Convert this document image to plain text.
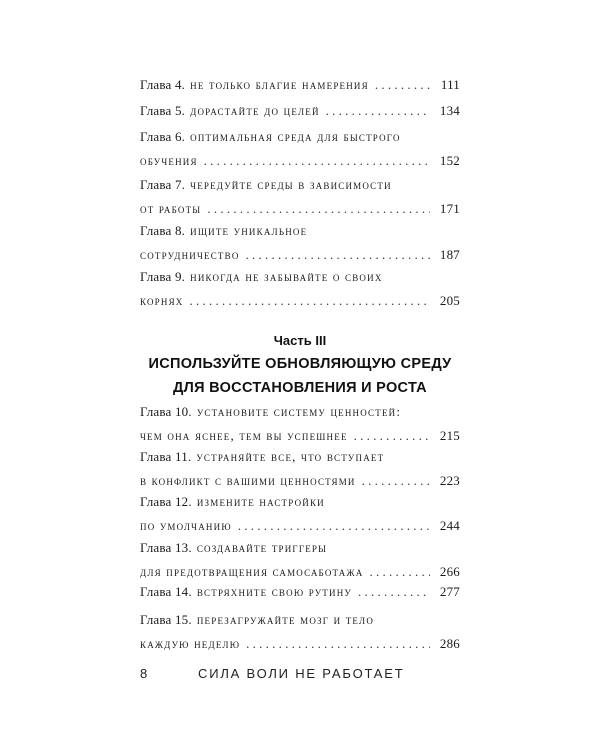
Глава 4. не только благие намерения . . .	111
Глава 5. дорастайте до целей . . .	134
Глава 6. оптимальная среда для быстрого
обучения . . .	152
Глава 7. чередуйте среды в зависимости
от работы . . .	171
Глава 8. ищите уникальное
сотрудничество . . .	187
Глава 9. никогда не забывайте о своих
корнях . . .	205
Часть III
ИСПОЛЬЗУЙТЕ ОБНОВЛЯЮЩУЮ СРЕДУ
ДЛЯ ВОССТАНОВЛЕНИЯ И РОСТА
Глава 10. установите систему ценностей:
чем она яснее, тем вы успешнее . . .	215
Глава 11. устраняйте все, что вступает
в конфликт с вашими ценностями . . .	223
Глава 12. измените настройки
по умолчанию . . .	244
Глава 13. создавайте триггеры
для предотвращения самосаботажа . . .	266
Глава 14. встряхните свою рутину . . .	277
Глава 15. перезагружайте мозг и тело
каждую неделю . . .	286
8	СИЛА ВОЛИ НЕ РАБОТАЕТ
